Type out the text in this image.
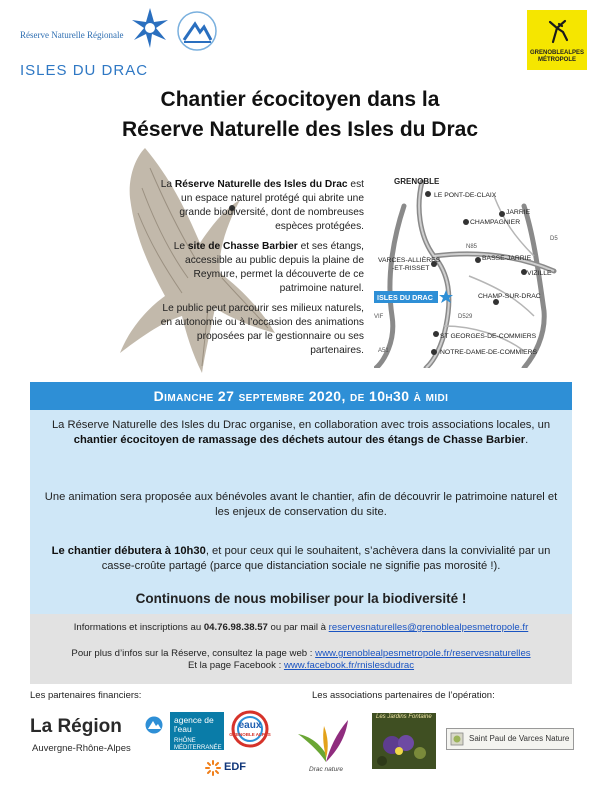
Réserve Naturelle Régionale
ISLES DU DRAC
GRENOBLEALPES
MÉTROPOLE
Chantier écocitoyen dans la
Réserve Naturelle des Isles du Drac

La Réserve Naturelle des Isles du Drac est un espace naturel protégé qui abrite une grande biodiversité, dont de nombreuses espèces protégées.

Le site de Chasse Barbier et ses étangs, accessible au public depuis la plaine de Reymure, permet la découverte de ce patrimoine naturel.

Le public peut parcourir ses milieux naturels, en autonomie ou à l’occasion des animations proposées par le gestionnaire ou ses partenaires.

GRENOBLE
LE PONT-DE-CLAIX
JARRIE
CHAMPAGNIER
D5
N85
VARCES-ALLIÈRES
-ET-RISSET
BASSE-JARRIE
VIZILLE
ISLES DU DRAC	CHAMP-SUR-DRAC
D529
VIF
ST GEORGES-DE-COMMIERS
NOTRE-DAME-DE-COMMIERS
A51
Dimanche 27 septembre 2020, de 10h30 à midi

La Réserve Naturelle des Isles du Drac organise, en collaboration avec trois associations locales, un chantier écocitoyen de ramassage des déchets autour des étangs de Chasse Barbier.

Une animation sera proposée aux bénévoles avant le chantier, afin de découvrir le patrimoine naturel et les enjeux de conservation du site.

Le chantier débutera à 10h30, et pour ceux qui le souhaitent, s’achèvera dans la convivialité par un casse-croûte partagé (parce que distanciation sociale ne signifie pas morosité !).

Continuons de nous mobiliser pour la biodiversité !

Informations et inscriptions au 04.76.98.38.57 ou par mail à reservesnaturelles@grenoblealpesmetropole.fr

Pour plus d’infos sur la Réserve, consultez la page web : www.grenoblealpesmetropole.fr/reservesnaturelles

Et la page Facebook : www.facebook.fr/rnislesdudrac

Les partenaires financiers:	Les associations partenaires de l’opération:
La Région
Auvergne-Rhône-Alpes
agence de l'eau
RHÔNE MÉDITERRANÉE CORSE
eaux
GRENOBLE ALPES
EDF	Drac nature
Les Jardins Fontaine
Saint Paul de Varces Nature
